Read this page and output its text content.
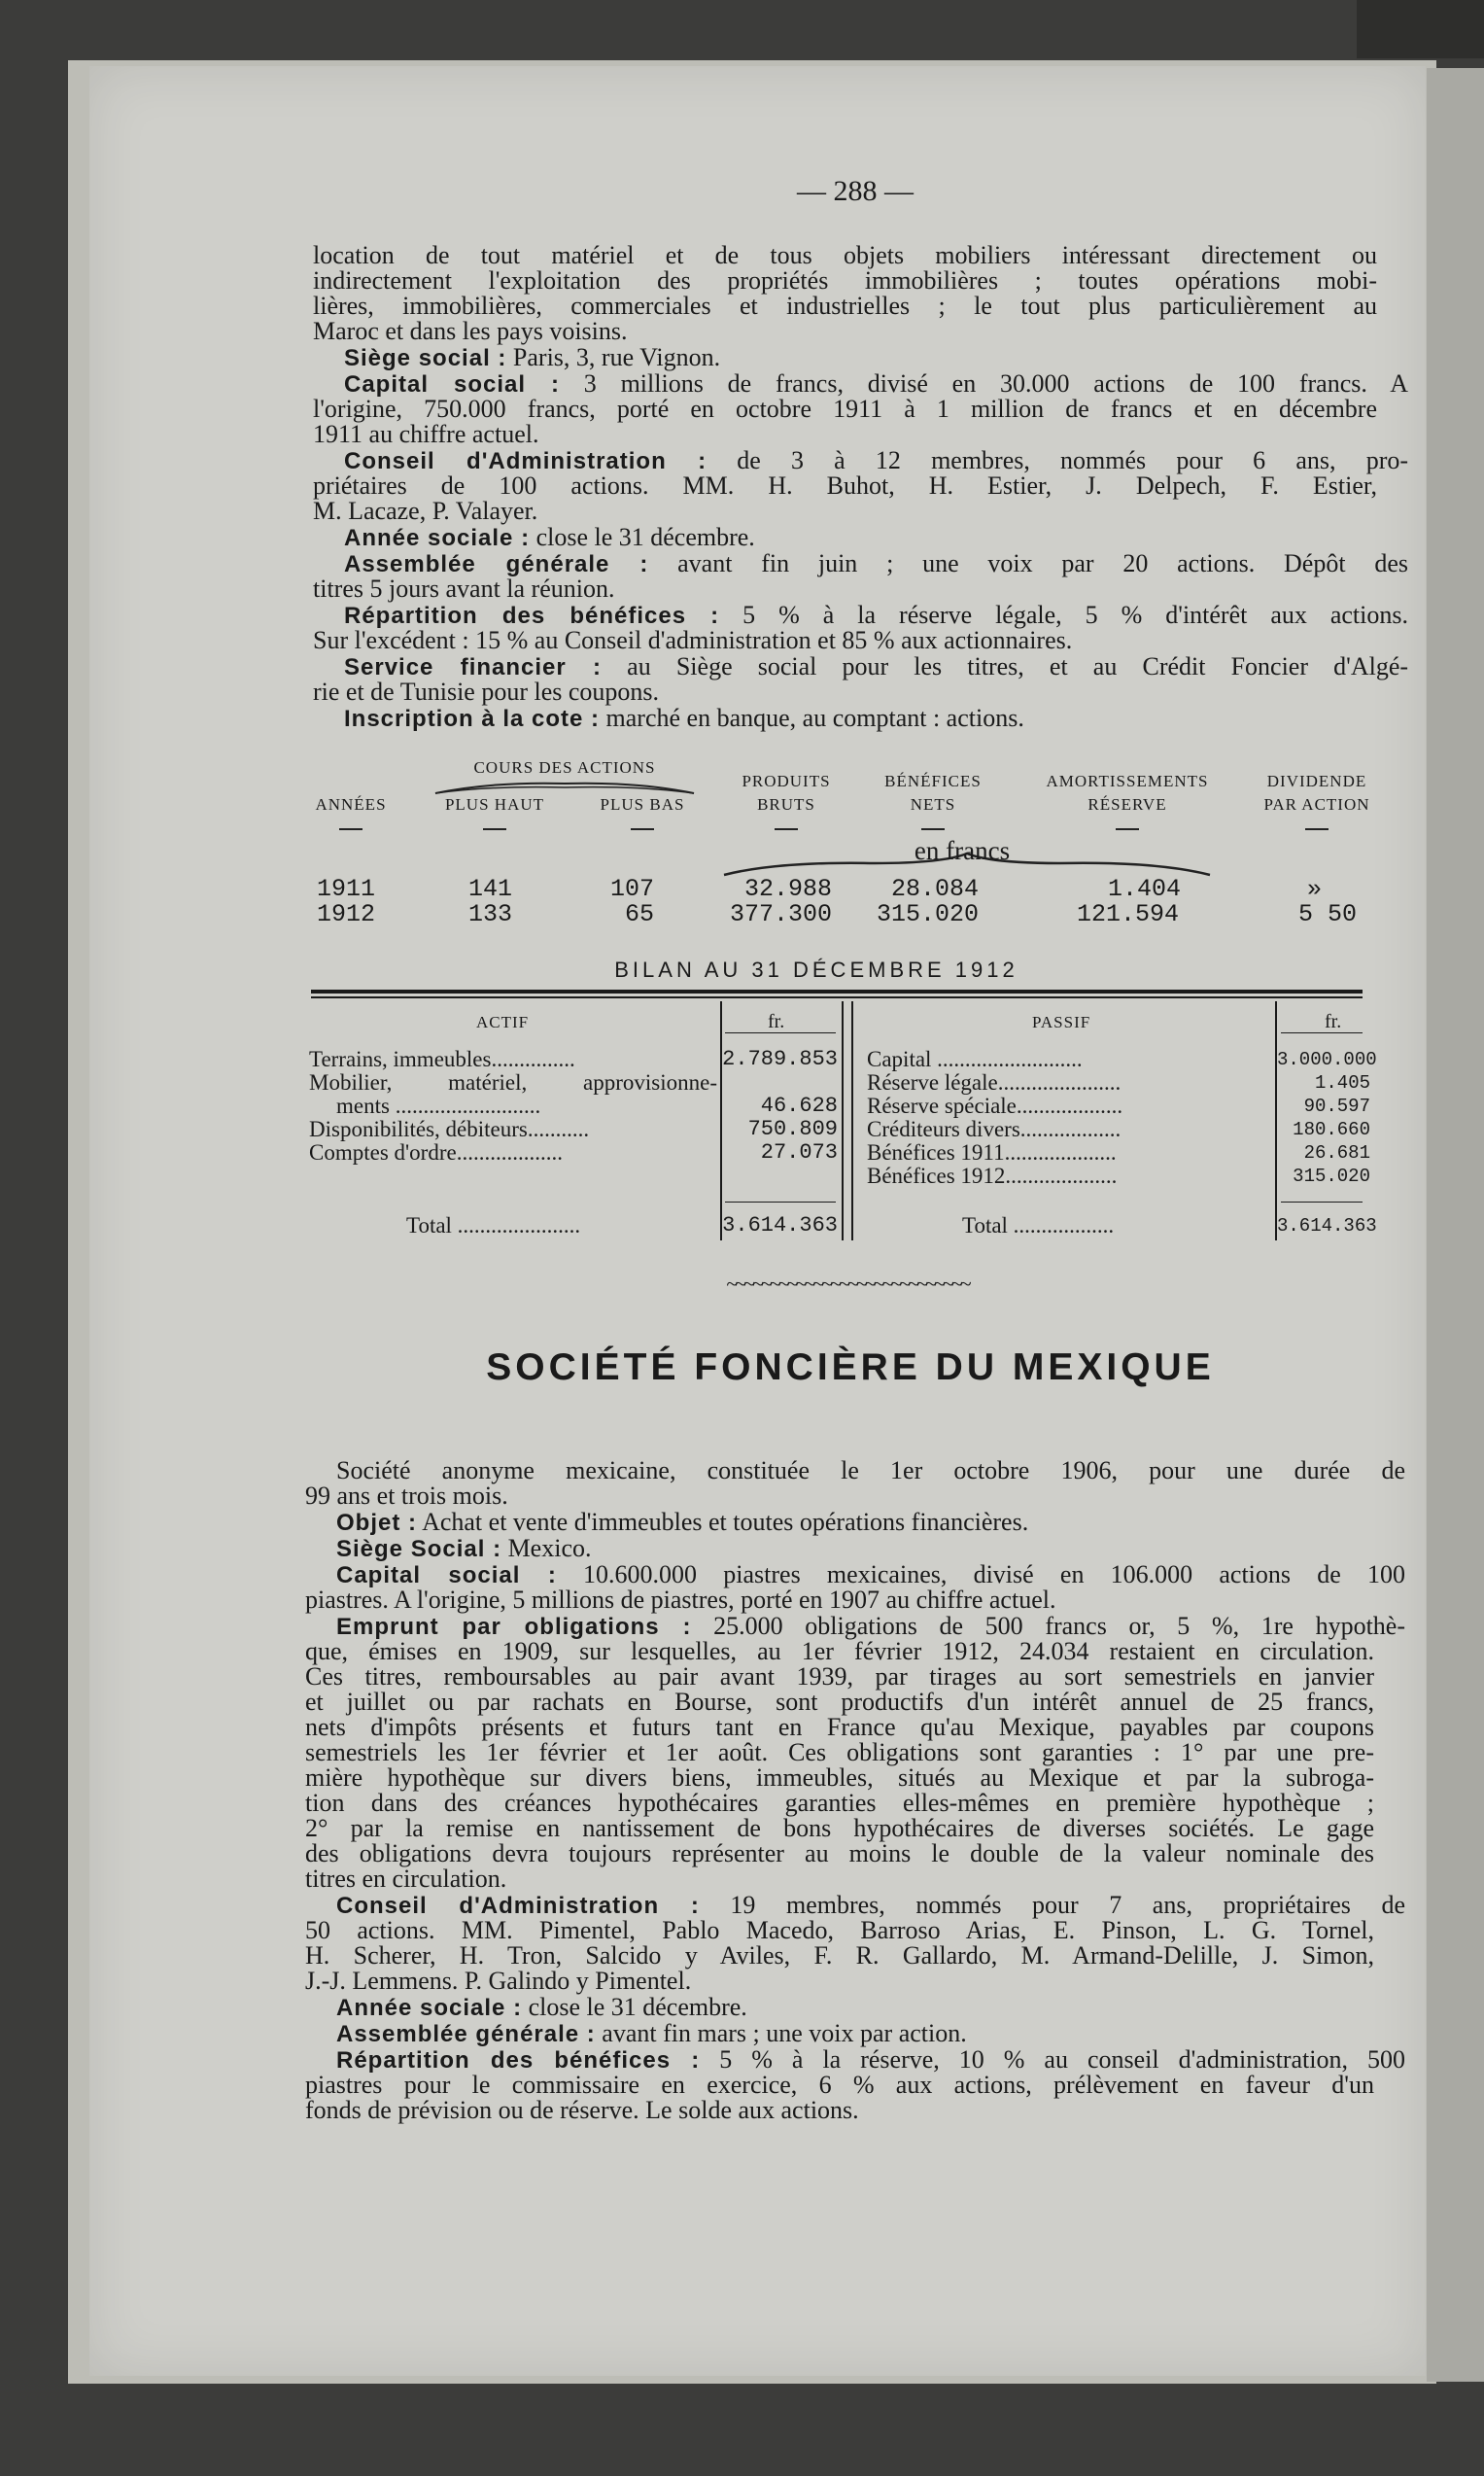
— 288 —
location de tout matériel et de tous objets mobiliers intéressant directement ou
indirectement l'exploitation des propriétés immobilières ; toutes opérations mobi-
lières, immobilières, commerciales et industrielles ; le tout plus particulièrement au
Maroc et dans les pays voisins.
Siège social : Paris, 3, rue Vignon.
Capital social : 3 millions de francs, divisé en 30.000 actions de 100 francs. A
l'origine, 750.000 francs, porté en octobre 1911 à 1 million de francs et en décembre
1911 au chiffre actuel.
Conseil d'Administration : de 3 à 12 membres, nommés pour 6 ans, pro-
priétaires de 100 actions. MM. H. Buhot, H. Estier, J. Delpech, F. Estier,
M. Lacaze, P. Valayer.
Année sociale : close le 31 décembre.
Assemblée générale : avant fin juin ; une voix par 20 actions. Dépôt des
titres 5 jours avant la réunion.
Répartition des bénéfices : 5 % à la réserve légale, 5 % d'intérêt aux actions.
Sur l'excédent : 15 % au Conseil d'administration et 85 % aux actionnaires.
Service financier : au Siège social pour les titres, et au Crédit Foncier d'Algé-
rie et de Tunisie pour les coupons.
Inscription à la cote : marché en banque, au comptant : actions.
COURS DES ACTIONS
ANNÉES	PLUS HAUT	PLUS BAS
PRODUITS
BRUTS
BÉNÉFICES
NETS
AMORTISSEMENTS
RÉSERVE
DIVIDENDE
PAR ACTION
en francs
1911	141	107	32.988 28.084	1.404	»
1912	133	65	377.300 315.020	121.594	5 50
BILAN AU 31 DÉCEMBRE 1912
ACTIF	fr.	PASSIF	fr.
Terrains, immeubles...............	2.789.853
Mobilier, matériel, approvisionne-
ments ..........................	46.628
Disponibilités, débiteurs...........	750.809
Comptes d'ordre...................	27.073
Total ......................	3.614.363
Capital ..........................	3.000.000
Réserve légale......................	1.405
Réserve spéciale...................	90.597
Créditeurs divers..................	180.660
Bénéfices 1911....................	26.681
Bénéfices 1912....................	315.020
Total ..................	3.614.363
~~~~~~~~~~~~~~~~~~~~~~~~~~~~
SOCIÉTÉ FONCIÈRE DU MEXIQUE
Société anonyme mexicaine, constituée le 1er octobre 1906, pour une durée de
99 ans et trois mois.
Objet : Achat et vente d'immeubles et toutes opérations financières.
Siège Social : Mexico.
Capital social : 10.600.000 piastres mexicaines, divisé en 106.000 actions de 100
piastres. A l'origine, 5 millions de piastres, porté en 1907 au chiffre actuel.
Emprunt par obligations : 25.000 obligations de 500 francs or, 5 %, 1re hypothè-
que, émises en 1909, sur lesquelles, au 1er février 1912, 24.034 restaient en circulation.
Ces titres, remboursables au pair avant 1939, par tirages au sort semestriels en janvier
et juillet ou par rachats en Bourse, sont productifs d'un intérêt annuel de 25 francs,
nets d'impôts présents et futurs tant en France qu'au Mexique, payables par coupons
semestriels les 1er février et 1er août. Ces obligations sont garanties : 1° par une pre-
mière hypothèque sur divers biens, immeubles, situés au Mexique et par la subroga-
tion dans des créances hypothécaires garanties elles-mêmes en première hypothèque ;
2° par la remise en nantissement de bons hypothécaires de diverses sociétés. Le gage
des obligations devra toujours représenter au moins le double de la valeur nominale des
titres en circulation.
Conseil d'Administration : 19 membres, nommés pour 7 ans, propriétaires de
50 actions. MM. Pimentel, Pablo Macedo, Barroso Arias, E. Pinson, L. G. Tornel,
H. Scherer, H. Tron, Salcido y Aviles, F. R. Gallardo, M. Armand-Delille, J. Simon,
J.-J. Lemmens. P. Galindo y Pimentel.
Année sociale : close le 31 décembre.
Assemblée générale : avant fin mars ; une voix par action.
Répartition des bénéfices : 5 % à la réserve, 10 % au conseil d'administration, 500
piastres pour le commissaire en exercice, 6 % aux actions, prélèvement en faveur d'un
fonds de prévision ou de réserve. Le solde aux actions.
